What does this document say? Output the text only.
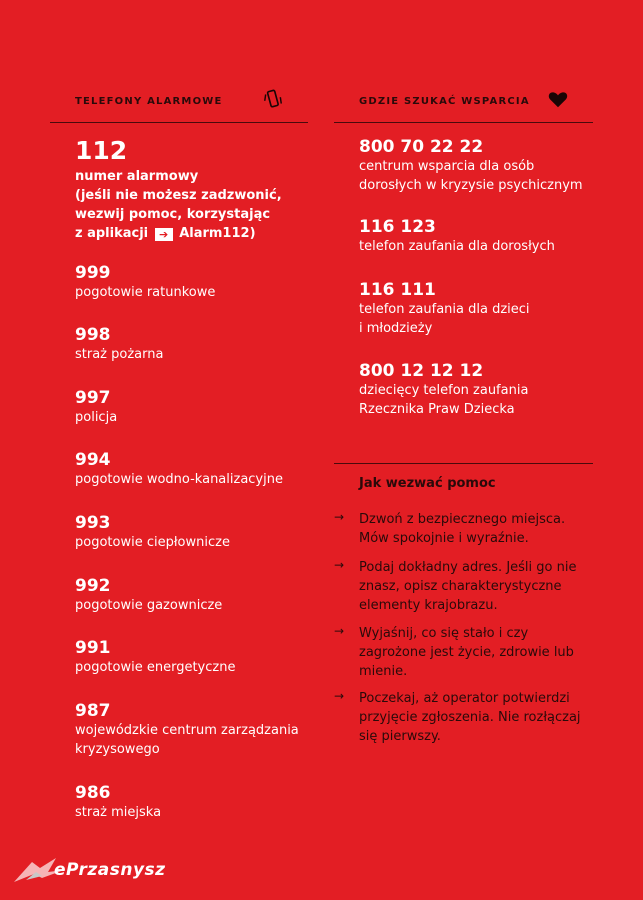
TELEFONY ALARMOWE
112
numer alarmowy
(jeśli nie możesz zadzwonić,
wezwij pomoc, korzystając
z aplikacji ➔ Alarm112)
999
pogotowie ratunkowe
998
straż pożarna
997
policja
994
pogotowie wodno-kanalizacyjne
993
pogotowie ciepłownicze
992
pogotowie gazownicze
991
pogotowie energetyczne
987
wojewódzkie centrum zarządzania
kryzysowego
986
straż miejska
GDZIE SZUKAĆ WSPARCIA
800 70 22 22
centrum wsparcia dla osób
dorosłych w kryzysie psychicznym
116 123
telefon zaufania dla dorosłych
116 111
telefon zaufania dla dzieci
i młodzieży
800 12 12 12
dziecięcy telefon zaufania
Rzecznika Praw Dziecka
Jak wezwać pomoc
→ Dzwoń z bezpiecznego miejsca.
Mów spokojnie i wyraźnie.
→ Podaj dokładny adres. Jeśli go nie
znasz, opisz charakterystyczne
elementy krajobrazu.
→ Wyjaśnij, co się stało i czy
zagrożone jest życie, zdrowie lub
mienie.
→ Poczekaj, aż operator potwierdzi
przyjęcie zgłoszenia. Nie rozłączaj
się pierwszy.
ePrzasnysz
